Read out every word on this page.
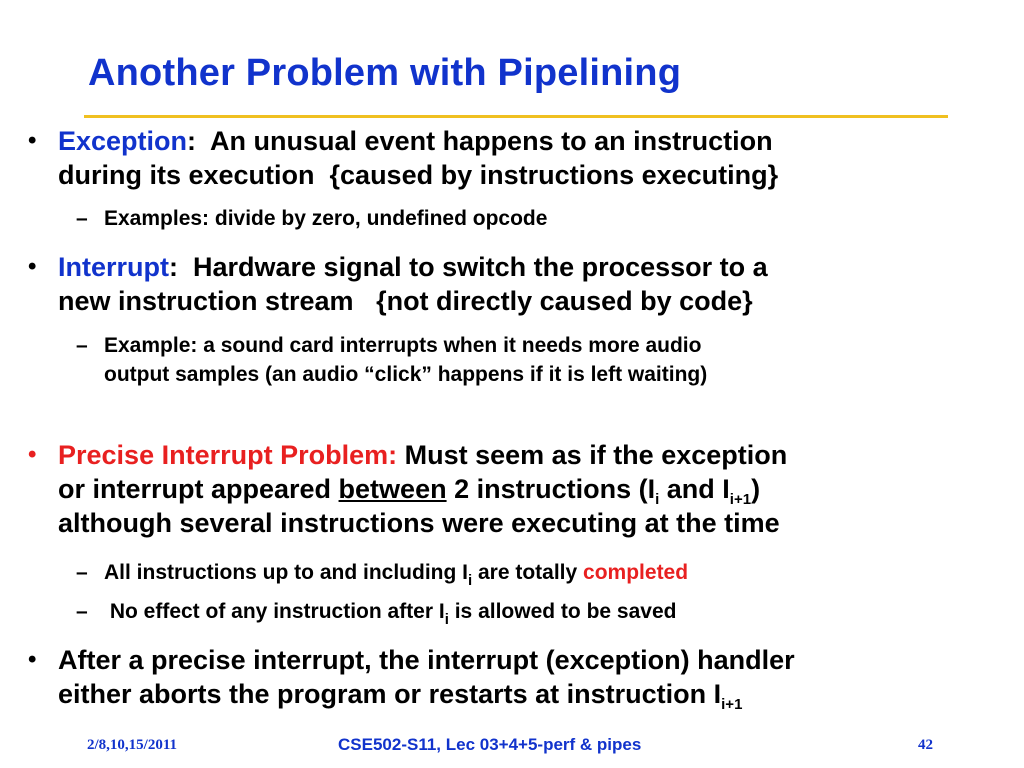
Another Problem with Pipelining
• Exception:  An unusual event happens to an instruction
during its execution  {caused by instructions executing}
– Examples: divide by zero, undefined opcode
• Interrupt:  Hardware signal to switch the processor to a
new instruction stream   {not directly caused by code}
– Example: a sound card interrupts when it needs more audio
output samples (an audio “click” happens if it is left waiting)
• Precise Interrupt Problem: Must seem as if the exception
or interrupt appeared between 2 instructions ($I_i$ and $I_{i+1}$)
although several instructions were executing at the time
– All instructions up to and including $I_i$ are totally completed
– No effect of any instruction after $I_i$ is allowed to be saved
• After a precise interrupt, the interrupt (exception) handler
either aborts the program or restarts at instruction $I_{i+1}$
2/8,10,15/2011	CSE502-S11, Lec 03+4+5-perf & pipes	42
